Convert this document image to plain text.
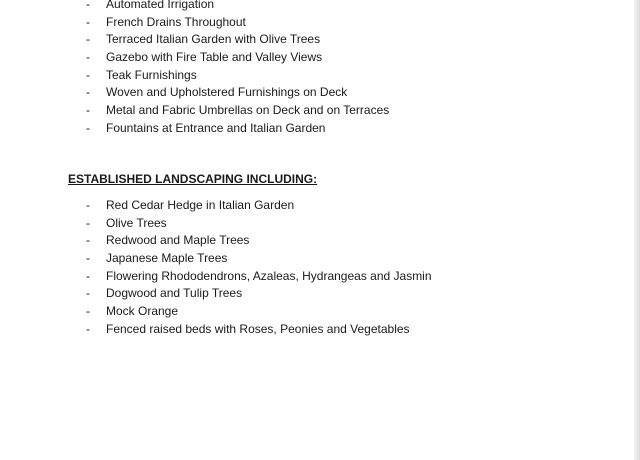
-	Automated Irrigation
-	French Drains Throughout
-	Terraced Italian Garden with Olive Trees
-	Gazebo with Fire Table and Valley Views
-	Teak Furnishings
-	Woven and Upholstered Furnishings on Deck
-	Metal and Fabric Umbrellas on Deck and on Terraces
-	Fountains at Entrance and Italian Garden
ESTABLISHED LANDSCAPING INCLUDING:
-	Red Cedar Hedge in Italian Garden
-	Olive Trees
-	Redwood and Maple Trees
-	Japanese Maple Trees
-	Flowering Rhododendrons, Azaleas, Hydrangeas and Jasmin
-	Dogwood and Tulip Trees
-	Mock Orange
-	Fenced raised beds with Roses, Peonies and Vegetables
